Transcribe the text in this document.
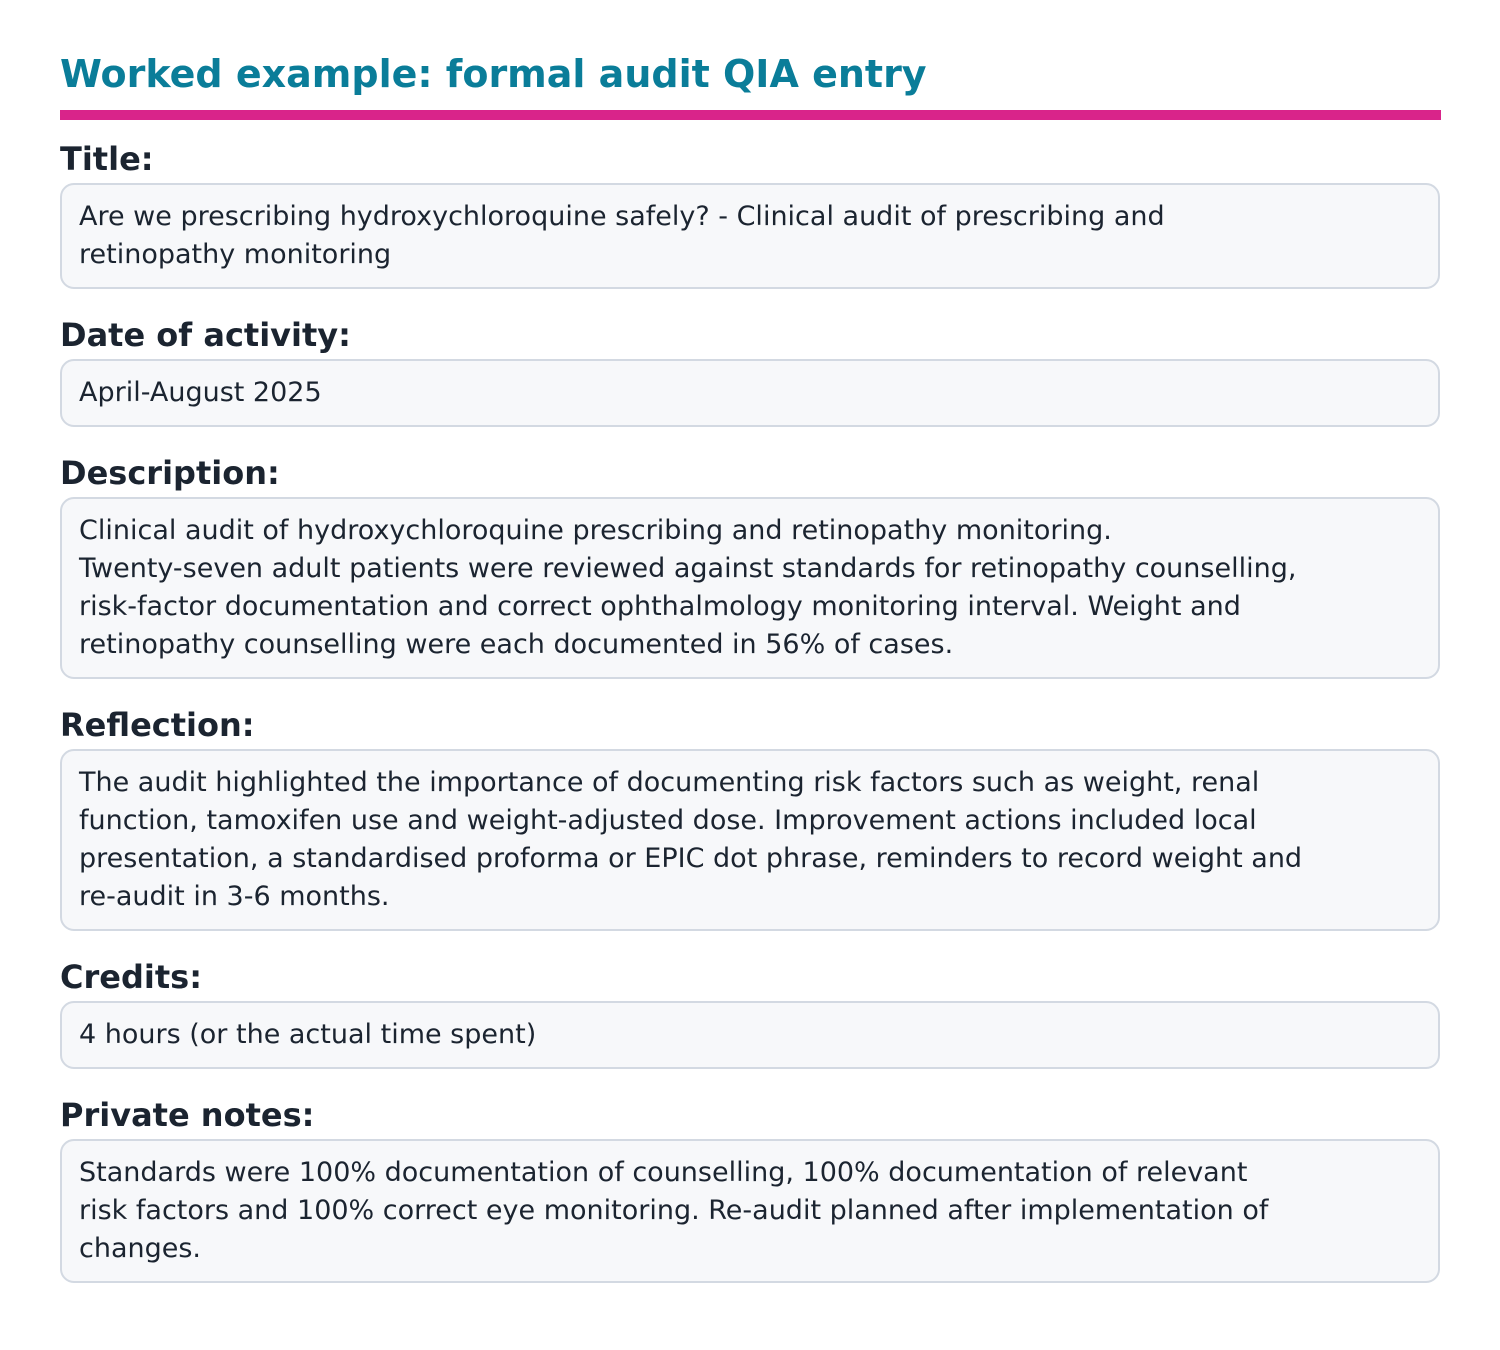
Worked example: formal audit QIA entry
Title:
Are we prescribing hydroxychloroquine safely? - Clinical audit of prescribing and
retinopathy monitoring
Date of activity:
April-August 2025
Description:
Clinical audit of hydroxychloroquine prescribing and retinopathy monitoring.
Twenty-seven adult patients were reviewed against standards for retinopathy counselling,
risk-factor documentation and correct ophthalmology monitoring interval. Weight and
retinopathy counselling were each documented in 56% of cases.
Reflection:
The audit highlighted the importance of documenting risk factors such as weight, renal
function, tamoxifen use and weight-adjusted dose. Improvement actions included local
presentation, a standardised proforma or EPIC dot phrase, reminders to record weight and
re-audit in 3-6 months.
Credits:
4 hours (or the actual time spent)
Private notes:
Standards were 100% documentation of counselling, 100% documentation of relevant
risk factors and 100% correct eye monitoring. Re-audit planned after implementation of
changes.
